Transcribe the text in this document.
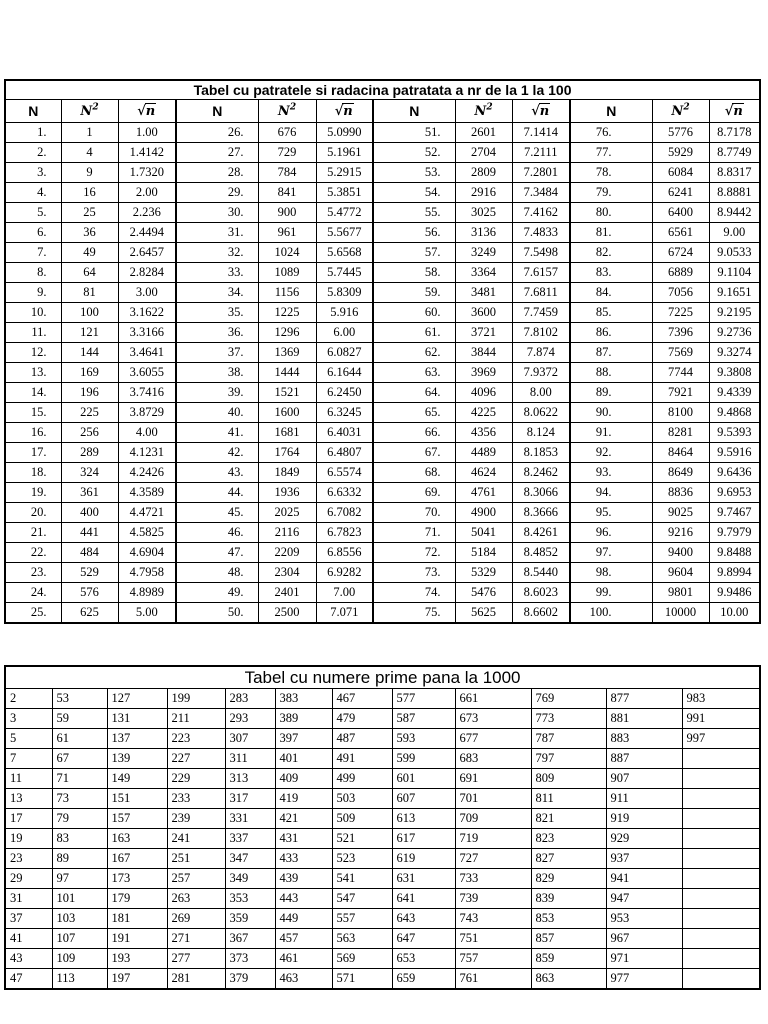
Tabel cu patratele si radacina patratata a nr de la 1 la 100											
N	$N^2$	√n	N	$N^2$	√n	N	$N^2$	√n	N	$N^2$	√n
1.	1	1.00	26.	676	5.0990	51.	2601	7.1414	76.	5776	8.7178
2.	4	1.4142	27.	729	5.1961	52.	2704	7.2111	77.	5929	8.7749
3.	9	1.7320	28.	784	5.2915	53.	2809	7.2801	78.	6084	8.8317
4.	16	2.00	29.	841	5.3851	54.	2916	7.3484	79.	6241	8.8881
5.	25	2.236	30.	900	5.4772	55.	3025	7.4162	80.	6400	8.9442
6.	36	2.4494	31.	961	5.5677	56.	3136	7.4833	81.	6561	9.00
7.	49	2.6457	32.	1024	5.6568	57.	3249	7.5498	82.	6724	9.0533
8.	64	2.8284	33.	1089	5.7445	58.	3364	7.6157	83.	6889	9.1104
9.	81	3.00	34.	1156	5.8309	59.	3481	7.6811	84.	7056	9.1651
10.	100	3.1622	35.	1225	5.916	60.	3600	7.7459	85.	7225	9.2195
11.	121	3.3166	36.	1296	6.00	61.	3721	7.8102	86.	7396	9.2736
12.	144	3.4641	37.	1369	6.0827	62.	3844	7.874	87.	7569	9.3274
13.	169	3.6055	38.	1444	6.1644	63.	3969	7.9372	88.	7744	9.3808
14.	196	3.7416	39.	1521	6.2450	64.	4096	8.00	89.	7921	9.4339
15.	225	3.8729	40.	1600	6.3245	65.	4225	8.0622	90.	8100	9.4868
16.	256	4.00	41.	1681	6.4031	66.	4356	8.124	91.	8281	9.5393
17.	289	4.1231	42.	1764	6.4807	67.	4489	8.1853	92.	8464	9.5916
18.	324	4.2426	43.	1849	6.5574	68.	4624	8.2462	93.	8649	9.6436
19.	361	4.3589	44.	1936	6.6332	69.	4761	8.3066	94.	8836	9.6953
20.	400	4.4721	45.	2025	6.7082	70.	4900	8.3666	95.	9025	9.7467
21.	441	4.5825	46.	2116	6.7823	71.	5041	8.4261	96.	9216	9.7979
22.	484	4.6904	47.	2209	6.8556	72.	5184	8.4852	97.	9400	9.8488
23.	529	4.7958	48.	2304	6.9282	73.	5329	8.5440	98.	9604	9.8994
24.	576	4.8989	49.	2401	7.00	74.	5476	8.6023	99.	9801	9.9486
25.	625	5.00	50.	2500	7.071	75.	5625	8.6602	100.	10000	10.00
Tabel cu numere prime pana la 1000											
2	53	127	199	283	383	467	577	661	769	877	983
3	59	131	211	293	389	479	587	673	773	881	991
5	61	137	223	307	397	487	593	677	787	883	997
7	67	139	227	311	401	491	599	683	797	887	
11	71	149	229	313	409	499	601	691	809	907	
13	73	151	233	317	419	503	607	701	811	911	
17	79	157	239	331	421	509	613	709	821	919	
19	83	163	241	337	431	521	617	719	823	929	
23	89	167	251	347	433	523	619	727	827	937	
29	97	173	257	349	439	541	631	733	829	941	
31	101	179	263	353	443	547	641	739	839	947	
37	103	181	269	359	449	557	643	743	853	953	
41	107	191	271	367	457	563	647	751	857	967	
43	109	193	277	373	461	569	653	757	859	971	
47	113	197	281	379	463	571	659	761	863	977	
